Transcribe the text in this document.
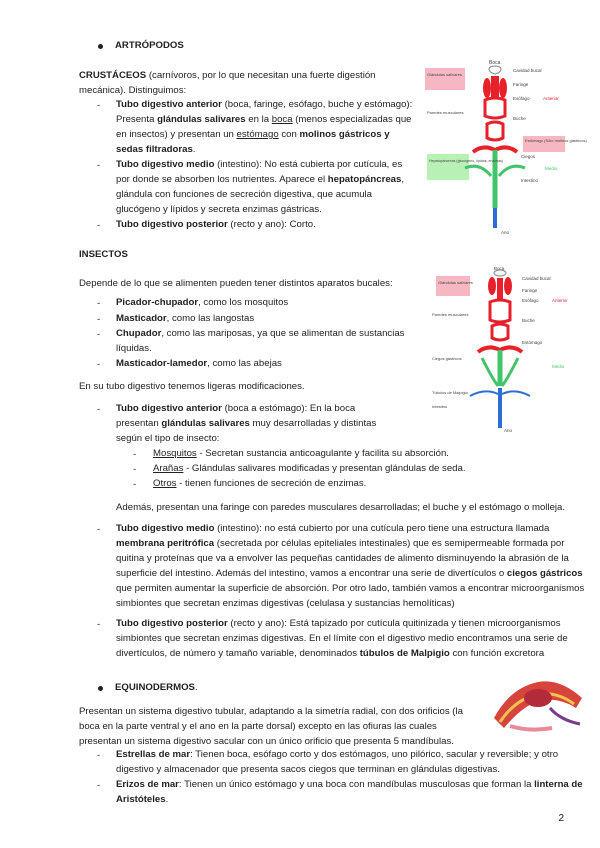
ARTRÓPODOS
CRUSTÁCEOS (carnívoros, por lo que necesitan una fuerte digestión mecánica). Distinguimos:
- Tubo digestivo anterior (boca, faringe, esófago, buche y estómago): Presenta glándulas salivares en la boca (menos especializadas que en insectos) y presentan un estómago con molinos gástricos y sedas filtradoras.
- Tubo digestivo medio (intestino): No está cubierta por cutícula, es por donde se absorben los nutrientes. Aparece el hepatopáncreas, glándula con funciones de secreción digestiva, que acumula glucógeno y lípidos y secreta enzimas gástricas.
- Tubo digestivo posterior (recto y ano): Corto.
Boca
Cavidad bucal
Faringe
Esófago	Anterior
Buche
Estómago (Sólo molinos gástricos)
Ciegos
Medio
Intestino
Ano
Glándulas salivares
Paredes musculares
Hepatopáncreas (glucógeno, lípidos, enzimas)
INSECTOS
Depende de lo que se alimenten pueden tener distintos aparatos bucales:
- Picador-chupador, como los mosquitos
- Masticador, como las langostas
- Chupador, como las mariposas, ya que se alimentan de sustancias líquidas.
- Masticador-lamedor, como las abejas
En su tubo digestivo tenemos ligeras modificaciones.
- Tubo digestivo anterior (boca a estómago): En la boca presentan glándulas salivares muy desarrolladas y distintas según el tipo de insecto:
- Mosquitos - Secretan sustancia anticoagulante y facilita su absorción.
- Arañas - Glándulas salivares modificadas y presentan glándulas de seda.
- Otros - tienen funciones de secreción de enzimas.
Además, presentan una faringe con paredes musculares desarrolladas; el buche y el estómago o molleja.
- Tubo digestivo medio (intestino): no está cubierto por una cutícula pero tiene una estructura llamada membrana peritrófica (secretada por células epiteliales intestinales) que es semipermeable formada por quitina y proteínas que va a envolver las pequeñas cantidades de alimento disminuyendo la abrasión de la superficie del intestino. Además del intestino, vamos a encontrar una serie de divertículos o ciegos gástricos que permiten aumentar la superficie de absorción. Por otro lado, también vamos a encontrar microorganismos simbiontes que secretan enzimas digestivas (celulasa y sustancias hemolíticas)
- Tubo digestivo posterior (recto y ano): Está tapizado por cutícula quitinizada y tienen microorganismos simbiontes que secretan enzimas digestivas. En el límite con el digestivo medio encontramos una serie de divertículos, de número y tamaño variable, denominados túbulos de Malpigio con función excretora
Boca
Cavidad bucal
Faringe
Esófago	Anterior
Buche
Estómago
Medio
Ano
Glándulas salivares
Paredes musculares
Ciegos gástricos
Túbulos de Malpigio
Intestino
EQUINODERMOS.
Presentan un sistema digestivo tubular, adaptando a la simetría radial, con dos orificios (la boca en la parte ventral y el ano en la parte dorsal) excepto en las ofiuras las cuales presentan un sistema digestivo sacular con un único orificio que presenta 5 mandíbulas.
- Estrellas de mar: Tienen boca, esófago corto y dos estómagos, uno pilórico, sacular y reversible; y otro digestivo y almacenador que presenta sacos ciegos que terminan en glándulas digestivas.
- Erizos de mar: Tienen un único estómago y una boca con mandíbulas musculosas que forman la linterna de Aristóteles.
2
